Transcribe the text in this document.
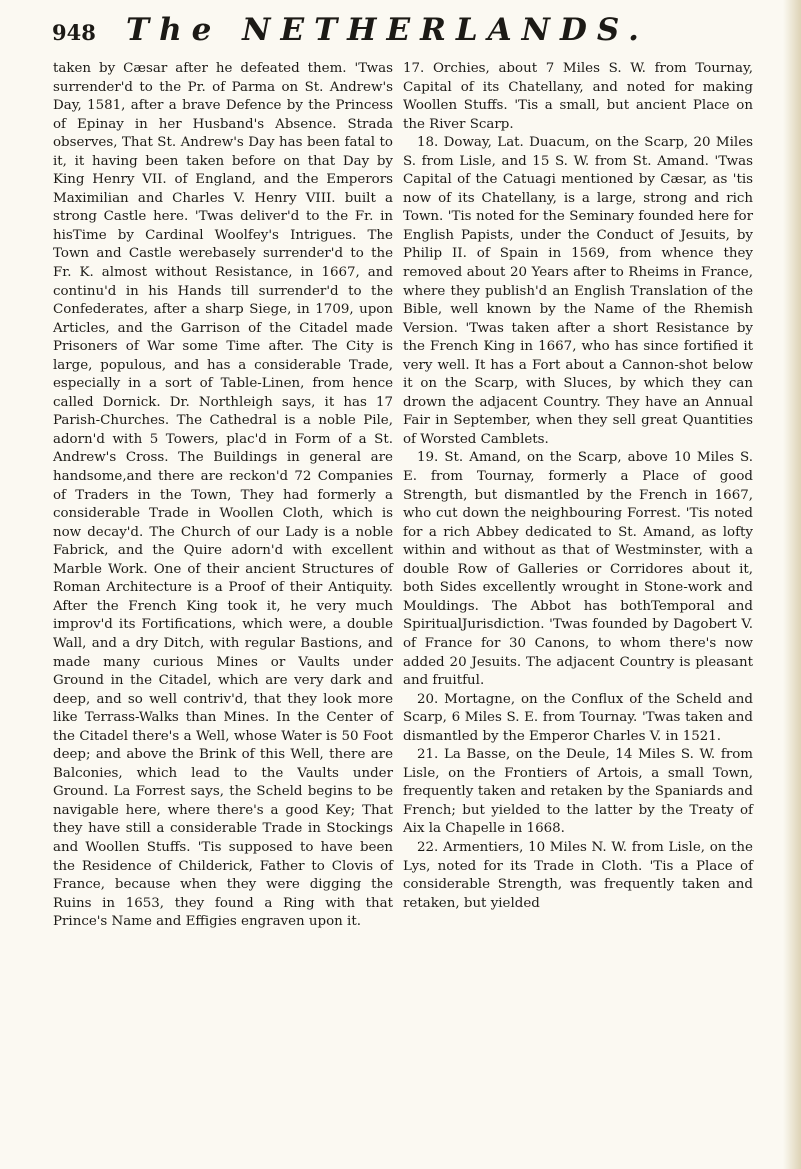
948 The NETHERLANDS.

taken by Cæsar after he defeated them. 'Twas surrender'd to the Pr. of Parma on St. Andrew's Day, 1581, after a brave Defence by the Princess of Epinay in her Husband's Absence. Strada observes, That St. Andrew's Day has been fatal to it, it having been taken before on that Day by King Henry VII. of England, and the Emperors Maximilian and Charles V. Henry VIII. built a strong Castle here. 'Twas deliver'd to the Fr. in hisTime by Cardinal Woolfey's Intrigues. The Town and Castle werebasely surrender'd to the Fr. K. almost without Resistance, in 1667, and continu'd in his Hands till surrender'd to the Confederates, after a sharp Siege, in 1709, upon Articles, and the Garrison of the Citadel made Prisoners of War some Time after. The City is large, populous, and has a considerable Trade, especially in a sort of Table-Linen, from hence called Dornick. Dr. Northleigh says, it has 17 Parish-Churches. The Cathedral is a noble Pile, adorn'd with 5 Towers, plac'd in Form of a St. Andrew's Cross. The Buildings in general are handsome,and there are reckon'd 72 Companies of Traders in the Town, They had formerly a considerable Trade in Woollen Cloth, which is now decay'd. The Church of our Lady is a noble Fabrick, and the Quire adorn'd with excellent Marble Work. One of their ancient Structures of Roman Architecture is a Proof of their Antiquity. After the French King took it, he very much improv'd its Fortifications, which were, a double Wall, and a dry Ditch, with regular Bastions, and made many curious Mines or Vaults under Ground in the Citadel, which are very dark and deep, and so well contriv'd, that they look more like Terrass-Walks than Mines. In the Center of the Citadel there's a Well, whose Water is 50 Foot deep; and above the Brink of this Well, there are Balconies, which lead to the Vaults under Ground. La Forrest says, the Scheld begins to be navigable here, where there's a good Key; That they have still a considerable Trade in Stockings and Woollen Stuffs. 'Tis supposed to have been the Residence of Childerick, Father to Clovis of France, because when they were digging the Ruins in 1653, they found a Ring with that Prince's Name and Effigies engraven upon it.

17. Orchies, about 7 Miles S. W. from Tournay, Capital of its Chatellany, and noted for making Woollen Stuffs. 'Tis a small, but ancient Place on the River Scarp.

18. Doway, Lat. Duacum, on the Scarp, 20 Miles S. from Lisle, and 15 S. W. from St. Amand. 'Twas Capital of the Catuagi mentioned by Cæsar, as 'tis now of its Chatellany, is a large, strong and rich Town. 'Tis noted for the Seminary founded here for English Papists, under the Conduct of Jesuits, by Philip II. of Spain in 1569, from whence they removed about 20 Years after to Rheims in France, where they publish'd an English Translation of the Bible, well known by the Name of the Rhemish Version. 'Twas taken after a short Resistance by the French King in 1667, who has since fortified it very well. It has a Fort about a Cannon-shot below it on the Scarp, with Sluces, by which they can drown the adjacent Country. They have an Annual Fair in September, when they sell great Quantities of Worsted Camblets.

19. St. Amand, on the Scarp, above 10 Miles S. E. from Tournay, formerly a Place of good Strength, but dismantled by the French in 1667, who cut down the neighbouring Forrest. 'Tis noted for a rich Abbey dedicated to St. Amand, as lofty within and without as that of Westminster, with a double Row of Galleries or Corridores about it, both Sides excellently wrought in Stone-work and Mouldings. The Abbot has bothTemporal and SpiritualJurisdiction. 'Twas founded by Dagobert V. of France for 30 Canons, to whom there's now added 20 Jesuits. The adjacent Country is pleasant and fruitful.

20. Mortagne, on the Conflux of the Scheld and Scarp, 6 Miles S. E. from Tournay. 'Twas taken and dismantled by the Emperor Charles V. in 1521.

21. La Basse, on the Deule, 14 Miles S. W. from Lisle, on the Frontiers of Artois, a small Town, frequently taken and retaken by the Spaniards and French; but yielded to the latter by the Treaty of Aix la Chapelle in 1668.

22. Armentiers, 10 Miles N. W. from Lisle, on the Lys, noted for its Trade in Cloth. 'Tis a Place of considerable Strength, was frequently taken and retaken, but yielded
